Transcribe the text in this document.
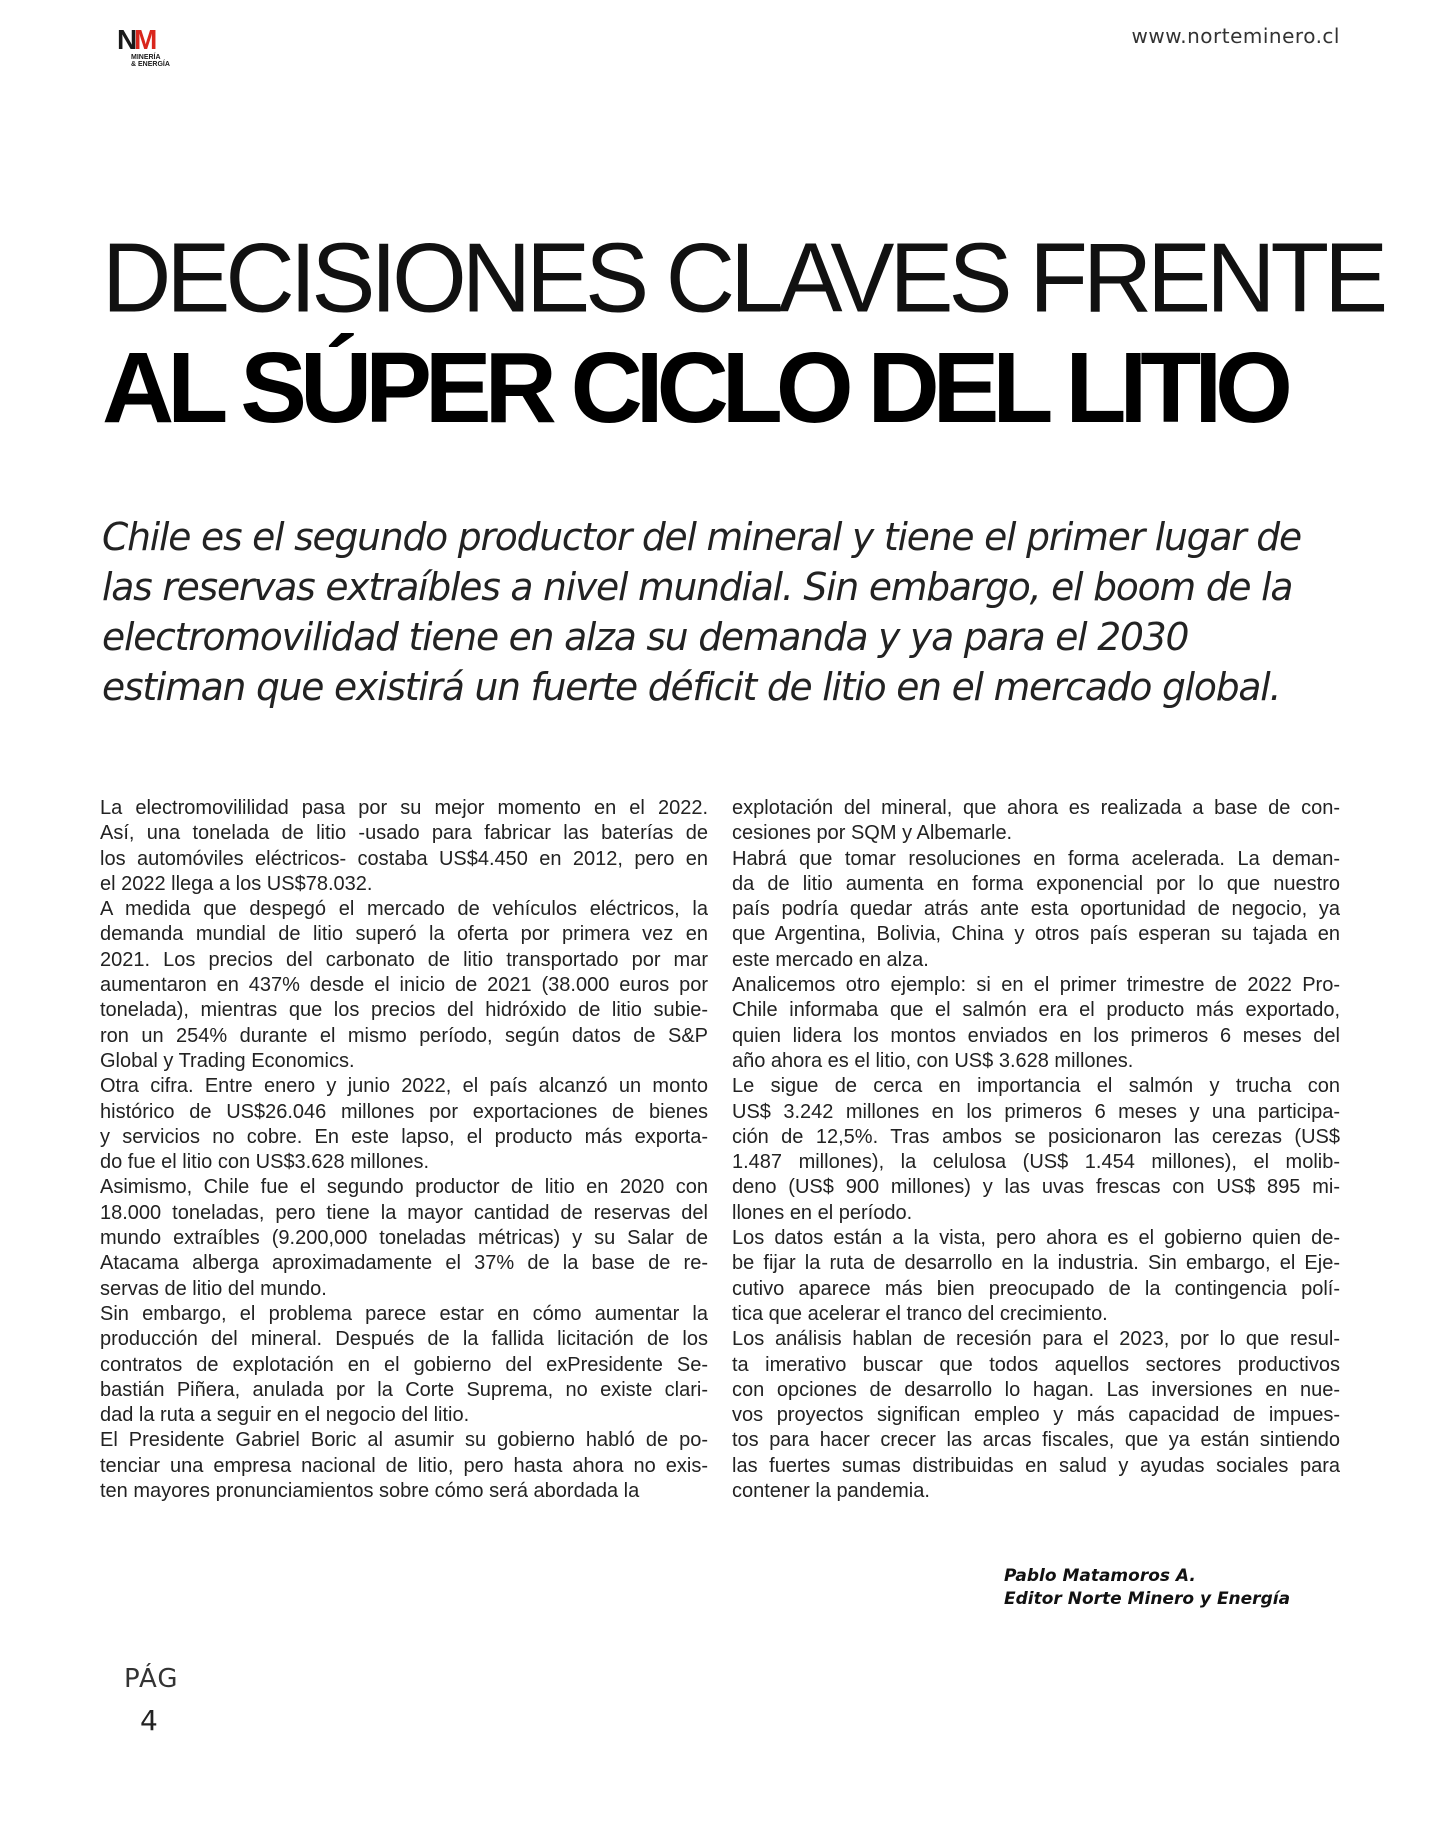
N
M
MINERÍA
& ENERGÍA
www.norteminero.cl
DECISIONES CLAVES FRENTE
AL SÚPER CICLO DEL LITIO
Chile es el segundo productor del mineral y tiene el primer lugar de
las reservas extraíbles a nivel mundial. Sin embargo, el boom de la
electromovilidad tiene en alza su demanda y ya para el 2030
estiman que existirá un fuerte déficit de litio en el mercado global.

La electromovililidad pasa por su mejor momento en el 2022.
Así, una tonelada de litio -usado para fabricar las baterías de
los automóviles eléctricos- costaba US$4.450 en 2012, pero en
el 2022 llega a los US$78.032.

A medida que despegó el mercado de vehículos eléctricos, la
demanda mundial de litio superó la oferta por primera vez en
2021. Los precios del carbonato de litio transportado por mar
aumentaron en 437% desde el inicio de 2021 (38.000 euros por
tonelada), mientras que los precios del hidróxido de litio subie-
ron un 254% durante el mismo período, según datos de S&P
Global y Trading Economics.

Otra cifra. Entre enero y junio 2022, el país alcanzó un monto
histórico de US$26.046 millones por exportaciones de bienes
y servicios no cobre. En este lapso, el producto más exporta-
do fue el litio con US$3.628 millones.

Asimismo, Chile fue el segundo productor de litio en 2020 con
18.000 toneladas, pero tiene la mayor cantidad de reservas del
mundo extraíbles (9.200,000 toneladas métricas) y su Salar de
Atacama alberga aproximadamente el 37% de la base de re-
servas de litio del mundo.

Sin embargo, el problema parece estar en cómo aumentar la
producción del mineral. Después de la fallida licitación de los
contratos de explotación en el gobierno del exPresidente Se-
bastián Piñera, anulada por la Corte Suprema, no existe clari-
dad la ruta a seguir en el negocio del litio.

El Presidente Gabriel Boric al asumir su gobierno habló de po-
tenciar una empresa nacional de litio, pero hasta ahora no exis-
ten mayores pronunciamientos sobre cómo será abordada la

explotación del mineral, que ahora es realizada a base de con-
cesiones por SQM y Albemarle.

Habrá que tomar resoluciones en forma acelerada. La deman-
da de litio aumenta en forma exponencial por lo que nuestro
país podría quedar atrás ante esta oportunidad de negocio, ya
que Argentina, Bolivia, China y otros país esperan su tajada en
este mercado en alza.

Analicemos otro ejemplo: si en el primer trimestre de 2022 Pro-
Chile informaba que el salmón era el producto más exportado,
quien lidera los montos enviados en los primeros 6 meses del
año ahora es el litio, con US$ 3.628 millones.

Le sigue de cerca en importancia el salmón y trucha con
US$ 3.242 millones en los primeros 6 meses y una participa-
ción de 12,5%. Tras ambos se posicionaron las cerezas (US$
1.487 millones), la celulosa (US$ 1.454 millones), el molib-
deno (US$ 900 millones) y las uvas frescas con US$ 895 mi-
llones en el período.

Los datos están a la vista, pero ahora es el gobierno quien de-
be fijar la ruta de desarrollo en la industria. Sin embargo, el Eje-
cutivo aparece más bien preocupado de la contingencia polí-
tica que acelerar el tranco del crecimiento.

Los análisis hablan de recesión para el 2023, por lo que resul-
ta imerativo buscar que todos aquellos sectores productivos
con opciones de desarrollo lo hagan. Las inversiones en nue-
vos proyectos significan empleo y más capacidad de impues-
tos para hacer crecer las arcas fiscales, que ya están sintiendo
las fuertes sumas distribuidas en salud y ayudas sociales para
contener la pandemia.

Pablo Matamoros A.
Editor Norte Minero y Energía
PÁG
4
